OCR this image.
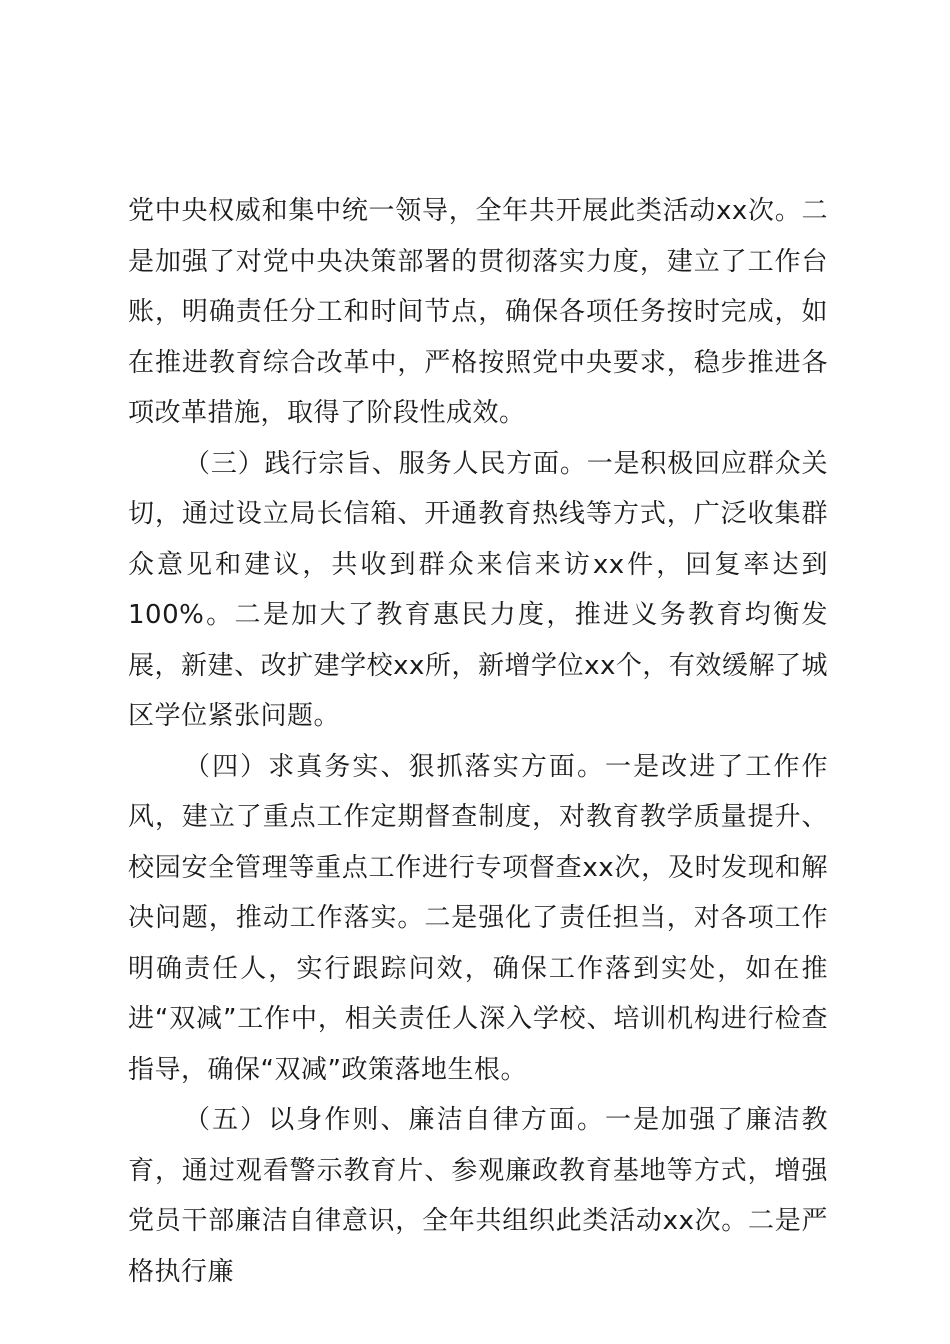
党中央权威和集中统一领导，全年共开展此类活动xx次。二是加强了对党中央决策部署的贯彻落实力度，建立了工作台账，明确责任分工和时间节点，确保各项任务按时完成，如在推进教育综合改革中，严格按照党中央要求，稳步推进各项改革措施，取得了阶段性成效。

（三）践行宗旨、服务人民方面。一是积极回应群众关切，通过设立局长信箱、开通教育热线等方式，广泛收集群众意见和建议，共收到群众来信来访xx件，回复率达到100%。二是加大了教育惠民力度，推进义务教育均衡发展，新建、改扩建学校xx所，新增学位xx个，有效缓解了城区学位紧张问题。

（四）求真务实、狠抓落实方面。一是改进了工作作风，建立了重点工作定期督查制度，对教育教学质量提升、校园安全管理等重点工作进行专项督查xx次，及时发现和解决问题，推动工作落实。二是强化了责任担当，对各项工作明确责任人，实行跟踪问效，确保工作落到实处，如在推进“双减”工作中，相关责任人深入学校、培训机构进行检查指导，确保“双减”政策落地生根。

（五）以身作则、廉洁自律方面。一是加强了廉洁教育，通过观看警示教育片、参观廉政教育基地等方式，增强党员干部廉洁自律意识，全年共组织此类活动xx次。二是严格执行廉
